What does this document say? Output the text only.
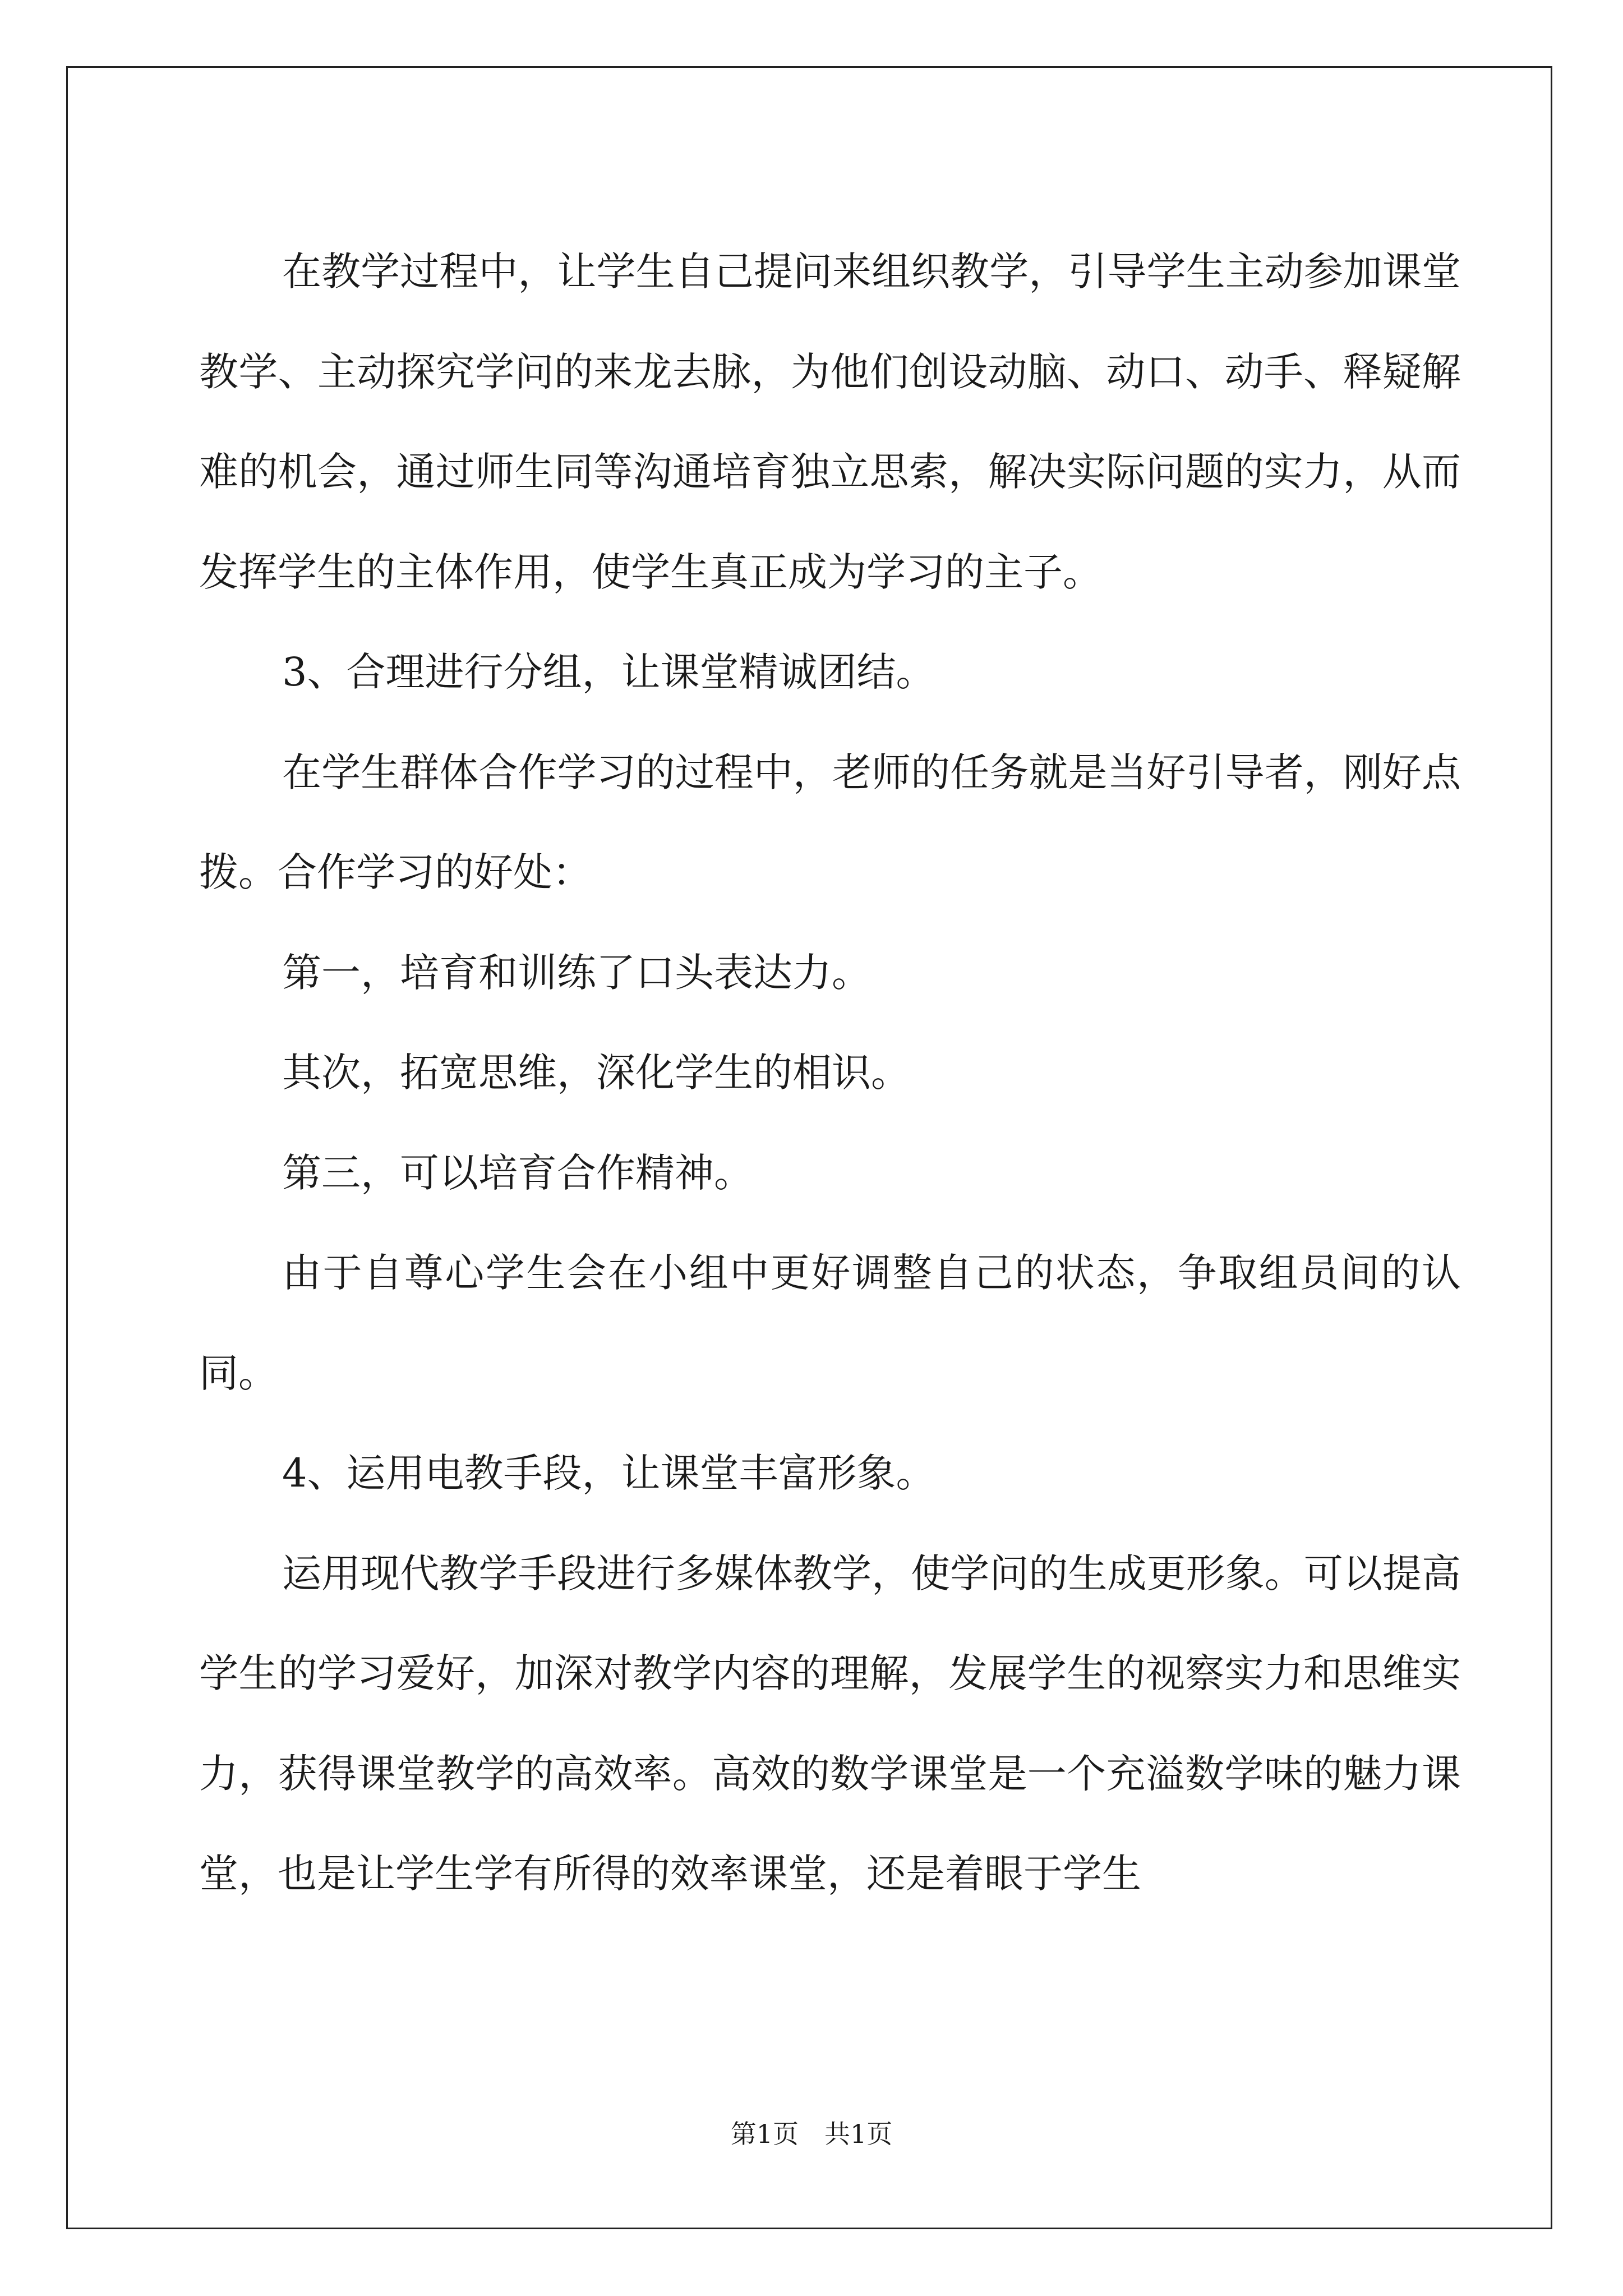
在教学过程中，让学生自己提问来组织教学，引导学生主动参加课堂教学、主动探究学问的来龙去脉，为他们创设动脑、动口、动手、释疑解难的机会，通过师生同等沟通培育独立思索，解决实际问题的实力，从而发挥学生的主体作用，使学生真正成为学习的主子。

3、合理进行分组，让课堂精诚团结。

在学生群体合作学习的过程中，老师的任务就是当好引导者，刚好点拨。合作学习的好处：

第一，培育和训练了口头表达力。

其次，拓宽思维，深化学生的相识。

第三，可以培育合作精神。

由于自尊心学生会在小组中更好调整自己的状态，争取组员间的认同。

4、运用电教手段，让课堂丰富形象。

运用现代教学手段进行多媒体教学，使学问的生成更形象。可以提高学生的学习爱好，加深对教学内容的理解，发展学生的视察实力和思维实力，获得课堂教学的高效率。高效的数学课堂是一个充溢数学味的魅力课堂，也是让学生学有所得的效率课堂，还是着眼于学生

第1页　共1页
